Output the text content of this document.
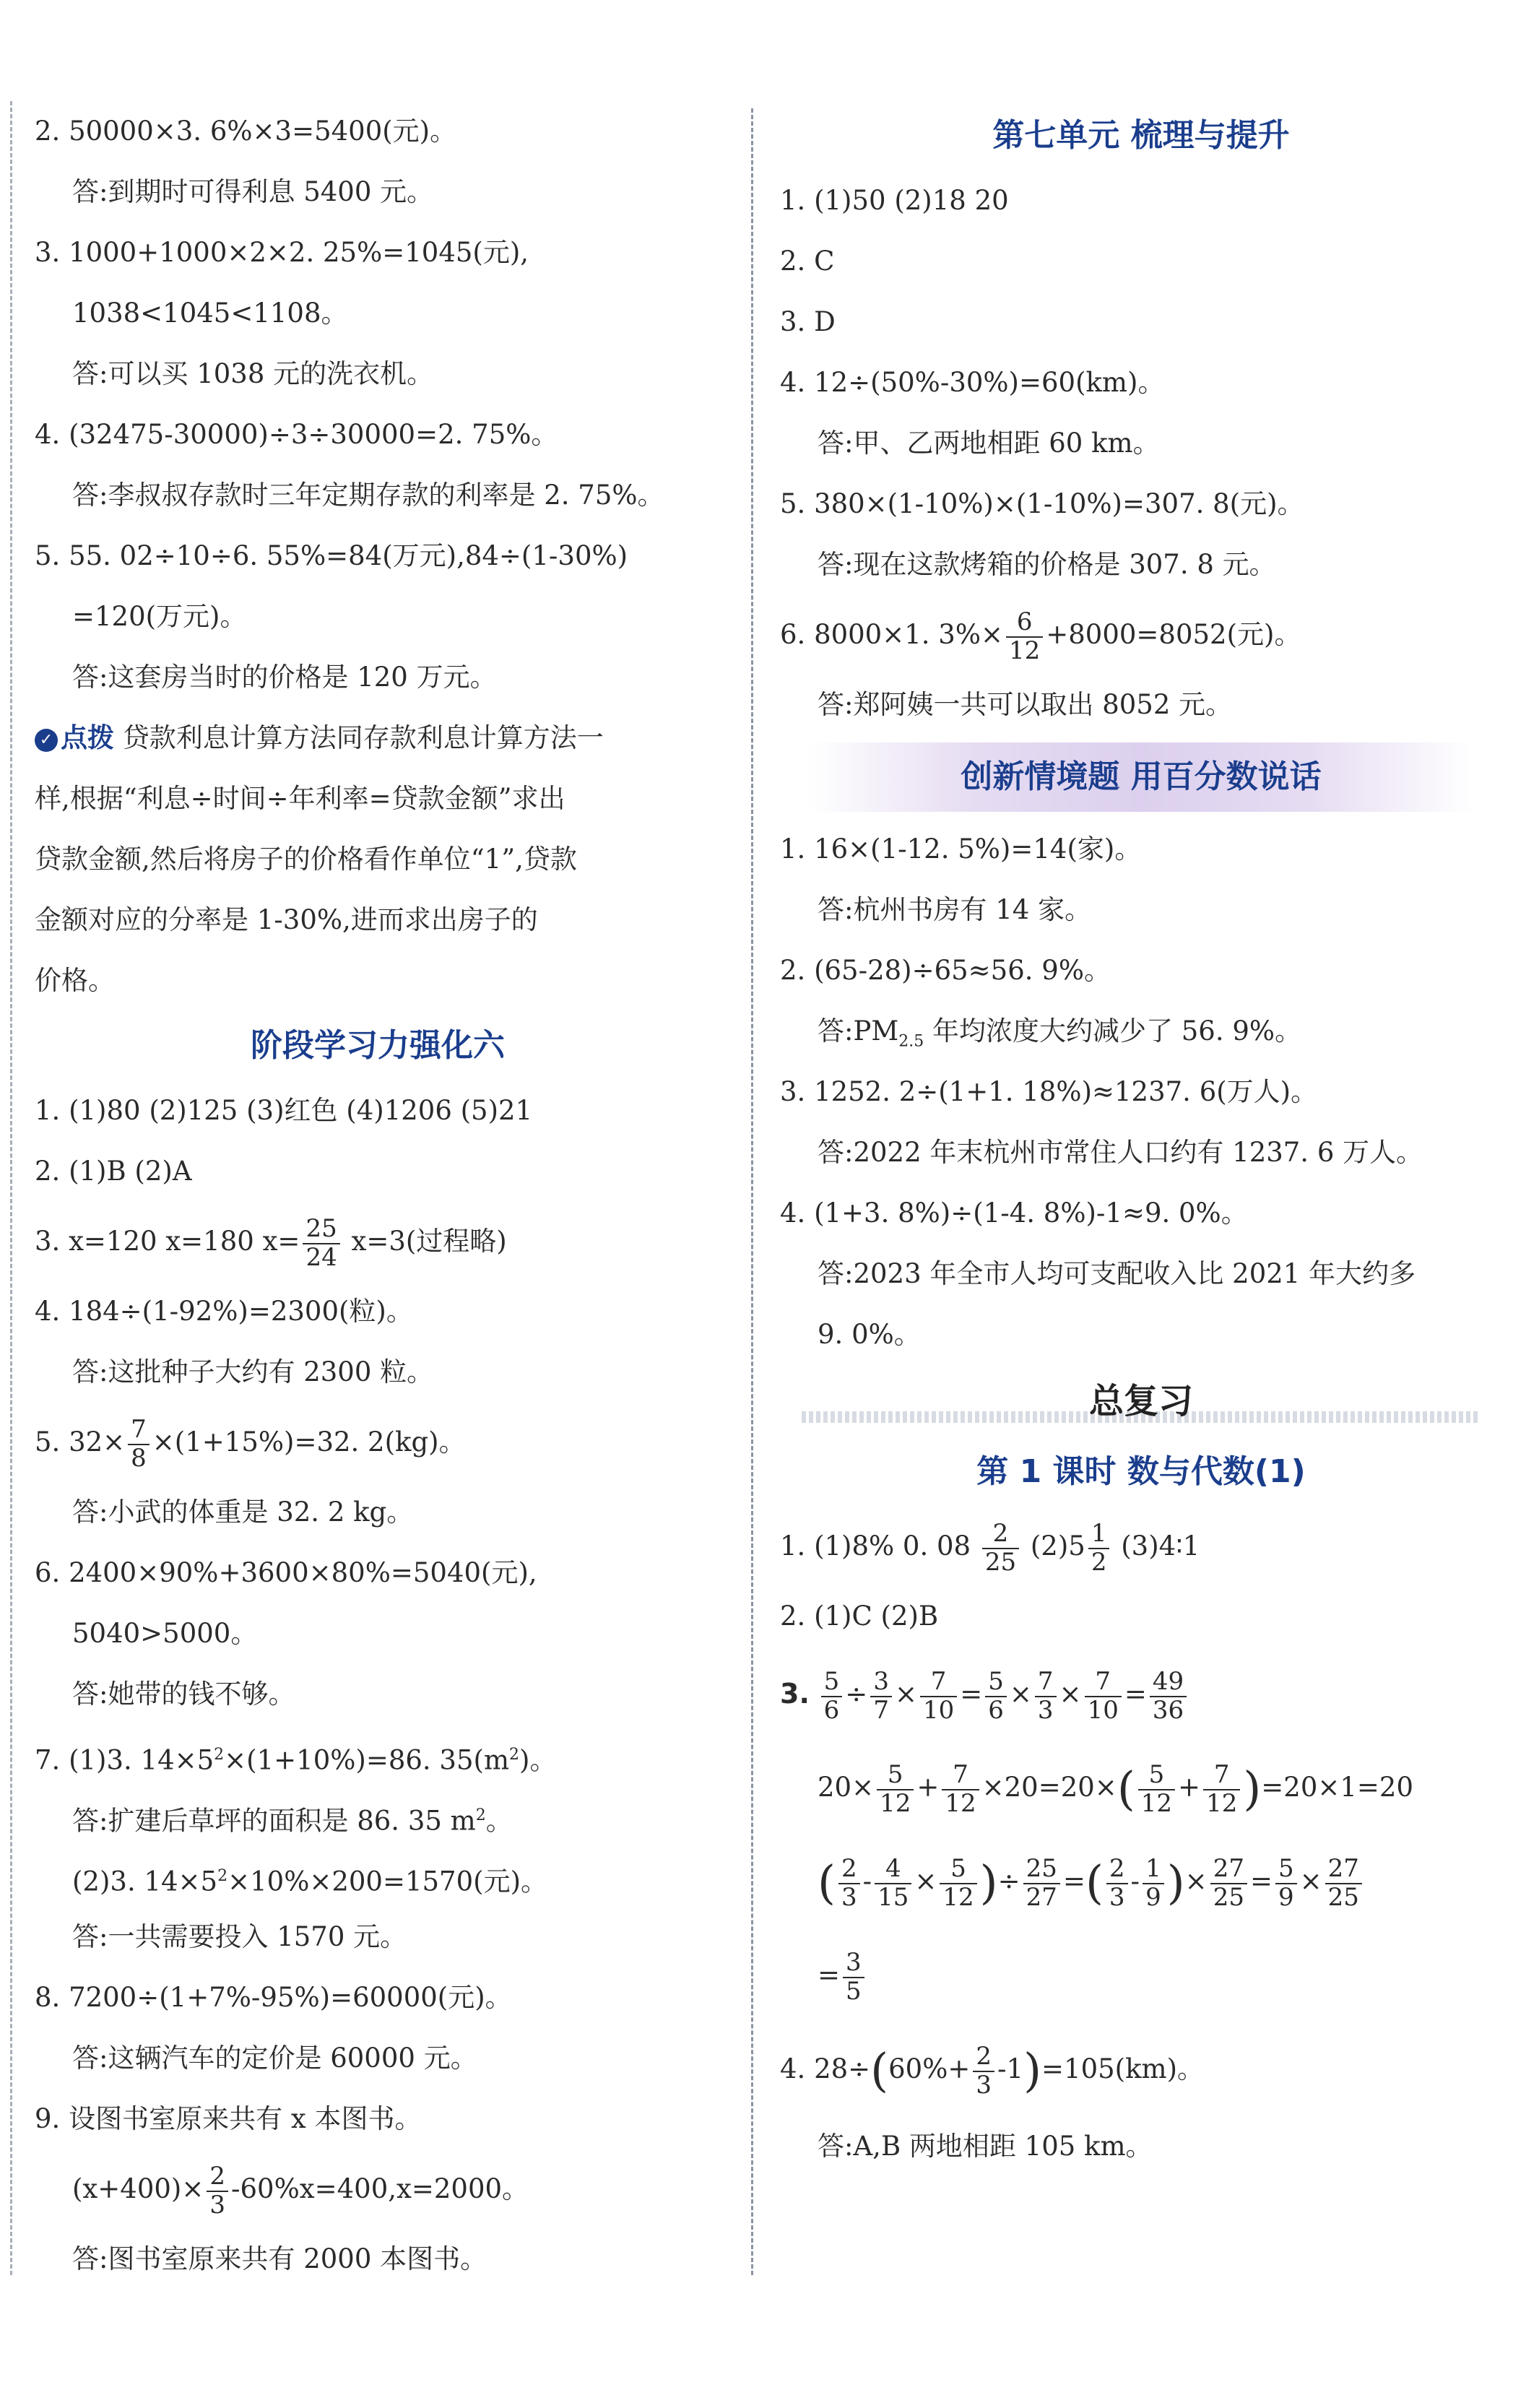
2. 50000×3. 6%×3=5400(元)。
答:到期时可得利息 5400 元。
3. 1000+1000×2×2. 25%=1045(元),
1038<1045<1108。
答:可以买 1038 元的洗衣机。
4. (32475-30000)÷3÷30000=2. 75%。
答:李叔叔存款时三年定期存款的利率是 2. 75%。
5. 55. 02÷10÷6. 55%=84(万元),84÷(1-30%)
=120(万元)。
答:这套房当时的价格是 120 万元。
✓ 点拨 贷款利息计算方法同存款利息计算方法一
样,根据“利息÷时间÷年利率=贷款金额”求出
贷款金额,然后将房子的价格看作单位“1”,贷款
金额对应的分率是 1-30%,进而求出房子的
价格。
阶段学习力强化六
1. (1)80 (2)125 (3)红色 (4)1206 (5)21
2. (1)B (2)A
3. x=120 x=180 $x= \frac{25}{24} x=3$(过程略)
4. 184÷(1-92%)=2300(粒)。
答:这批种子大约有 2300 粒。
5. $32\times \frac{7}{8} \times(1+15\%)=32$. 2(kg)。
答:小武的体重是 32. 2 kg。
6. 2400×90%+3600×80%=5040(元),
5040>5000。
答:她带的钱不够。
7. (1)3. $14\times 5^2\times(1+10\%)=86$. $35(m^2)$。
答:扩建后草坪的面积是 86. 35 $m^2$。
(2)3. $14\times 5^2\times 10\%\times 200=1570$(元)。
答:一共需要投入 1570 元。
8. 7200÷(1+7%-95%)=60000(元)。
答:这辆汽车的定价是 60000 元。
9. 设图书室原来共有 x 本图书。
$(x+400)\times \frac{2}{3} -60\%x=400,x=2000$。
答:图书室原来共有 2000 本图书。
第七单元 梳理与提升
1. (1)50 (2)18 20
2. C
3. D
4. 12÷(50%-30%)=60(km)。
答:甲、乙两地相距 60 km。
5. 380×(1-10%)×(1-10%)=307. 8(元)。
答:现在这款烤箱的价格是 307. 8 元。
6. 8000×1. $3\%\times \frac{6}{12} +8000=8052$(元)。
答:郑阿姨一共可以取出 8052 元。
创新情境题 用百分数说话
1. 16×(1-12. 5%)=14(家)。
答:杭州书房有 14 家。
2. (65-28)÷65≈56. 9%。
答$:PM_{2.5}$ 年均浓度大约减少了 56. 9%。
3. 1252. 2÷(1+1. 18%)≈1237. 6(万人)。
答:2022 年末杭州市常住人口约有 1237. 6 万人。
4. (1+3. 8%)÷(1-4. 8%)-1≈9. 0%。
答:2023 年全市人均可支配收入比 2021 年大约多
9. 0%。
总复习
第 1 课时 数与代数(1)
1. (1)8% 0. $08 \frac{2}{25} (2)5 \frac{1}{2}$ (3)4∶1
2. (1)C (2)B
3. $\frac{5}{6} \div \frac{3}{7} \times \frac{7}{10} = \frac{5}{6} \times \frac{7}{3} \times \frac{7}{10} = \frac{49}{36}$
$20\times \frac{5}{12} + \frac{7}{12} \times 20=20\times( \frac{5}{12} + \frac{7}{12} )=20\times 1=20$
( $\frac{2}{3} - \frac{4}{15} \times \frac{5}{12}$ )÷ $\frac{25}{27}$ =( $\frac{2}{3} - \frac{1}{9}$ )× $\frac{27}{25} = \frac{5}{9} \times \frac{27}{25}$
= $\frac{3}{5}$
4. $28\div(60\%+ \frac{2}{3} -1)=105(km)$。
答:A,B 两地相距 105 km。
